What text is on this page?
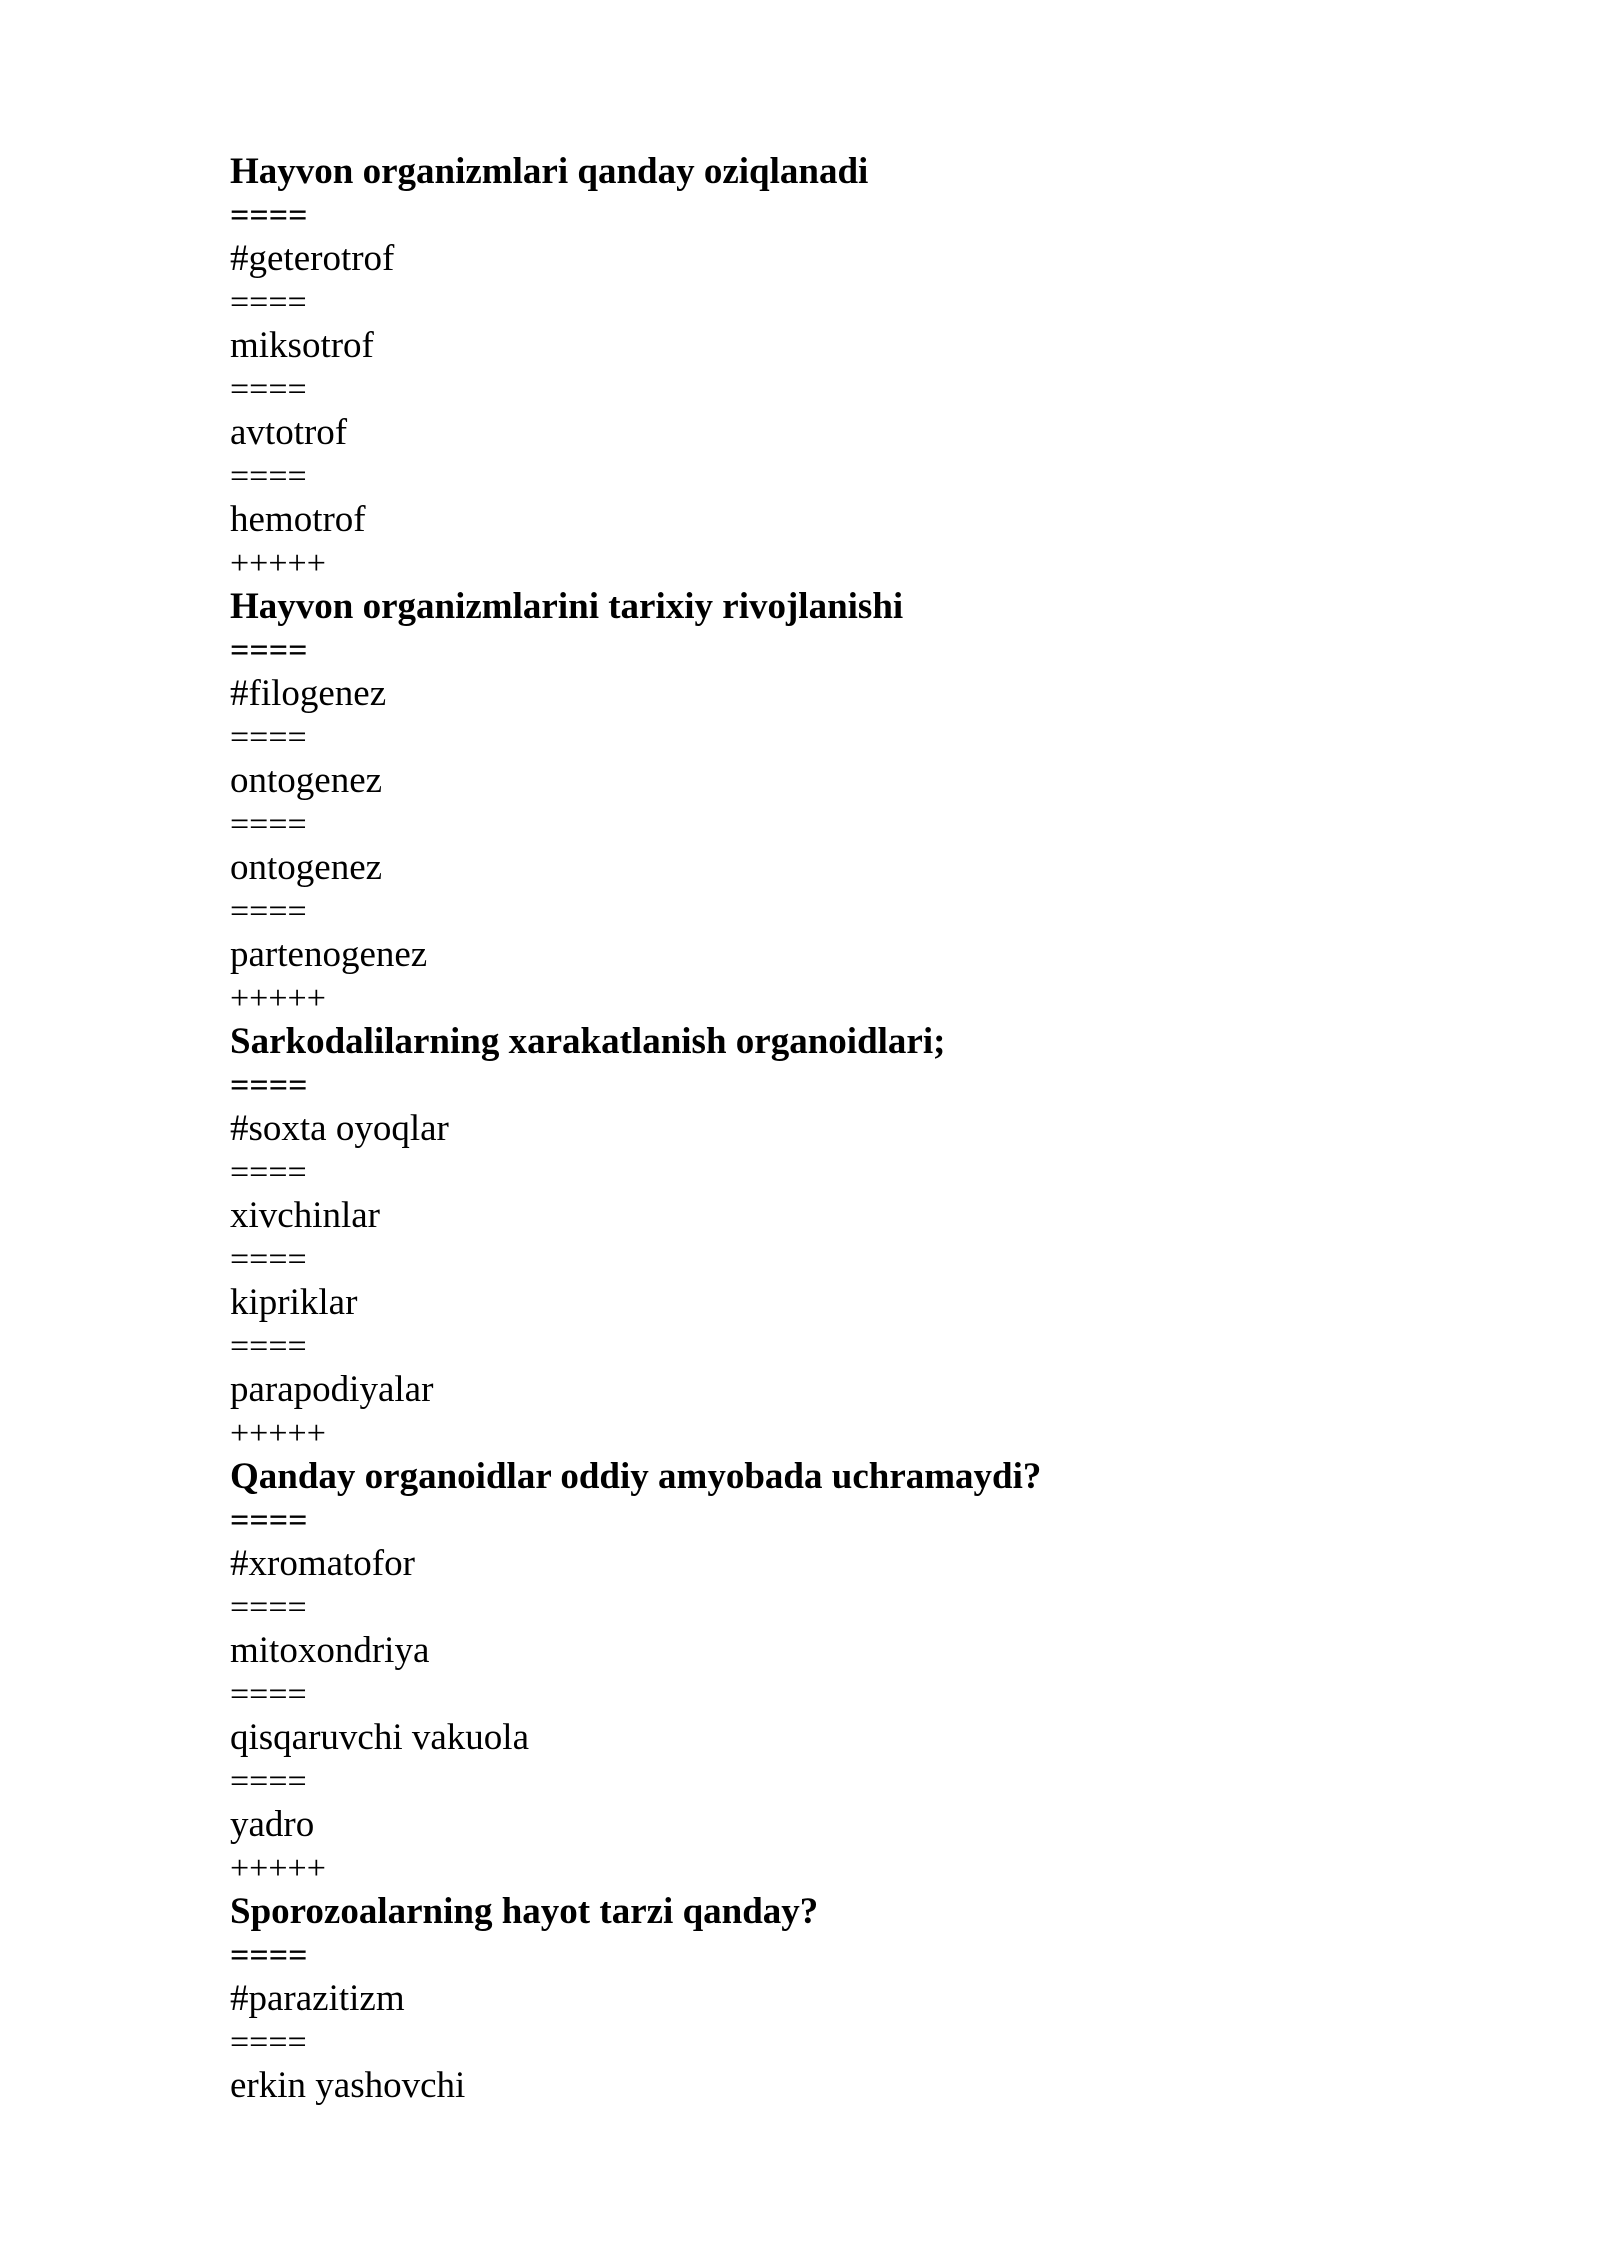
Hayvon organizmlari qanday oziqlanadi
====
#geterotrof
====
miksotrof
====
avtotrof
====
hemotrof
+++++
Hayvon organizmlarini tarixiy rivojlanishi
====
#filogenez
====
ontogenez
====
ontogenez
====
partenogenez
+++++
Sarkodalilarning xarakatlanish organoidlari;
====
#soxta oyoqlar
====
xivchinlar
====
kipriklar
====
parapodiyalar
+++++
Qanday organoidlar oddiy amyobada uchramaydi?
====
#xromatofor
====
mitoxondriya
====
qisqaruvchi vakuola
====
yadro
+++++
Sporozoalarning hayot tarzi qanday?
====
#parazitizm
====
erkin yashovchi
